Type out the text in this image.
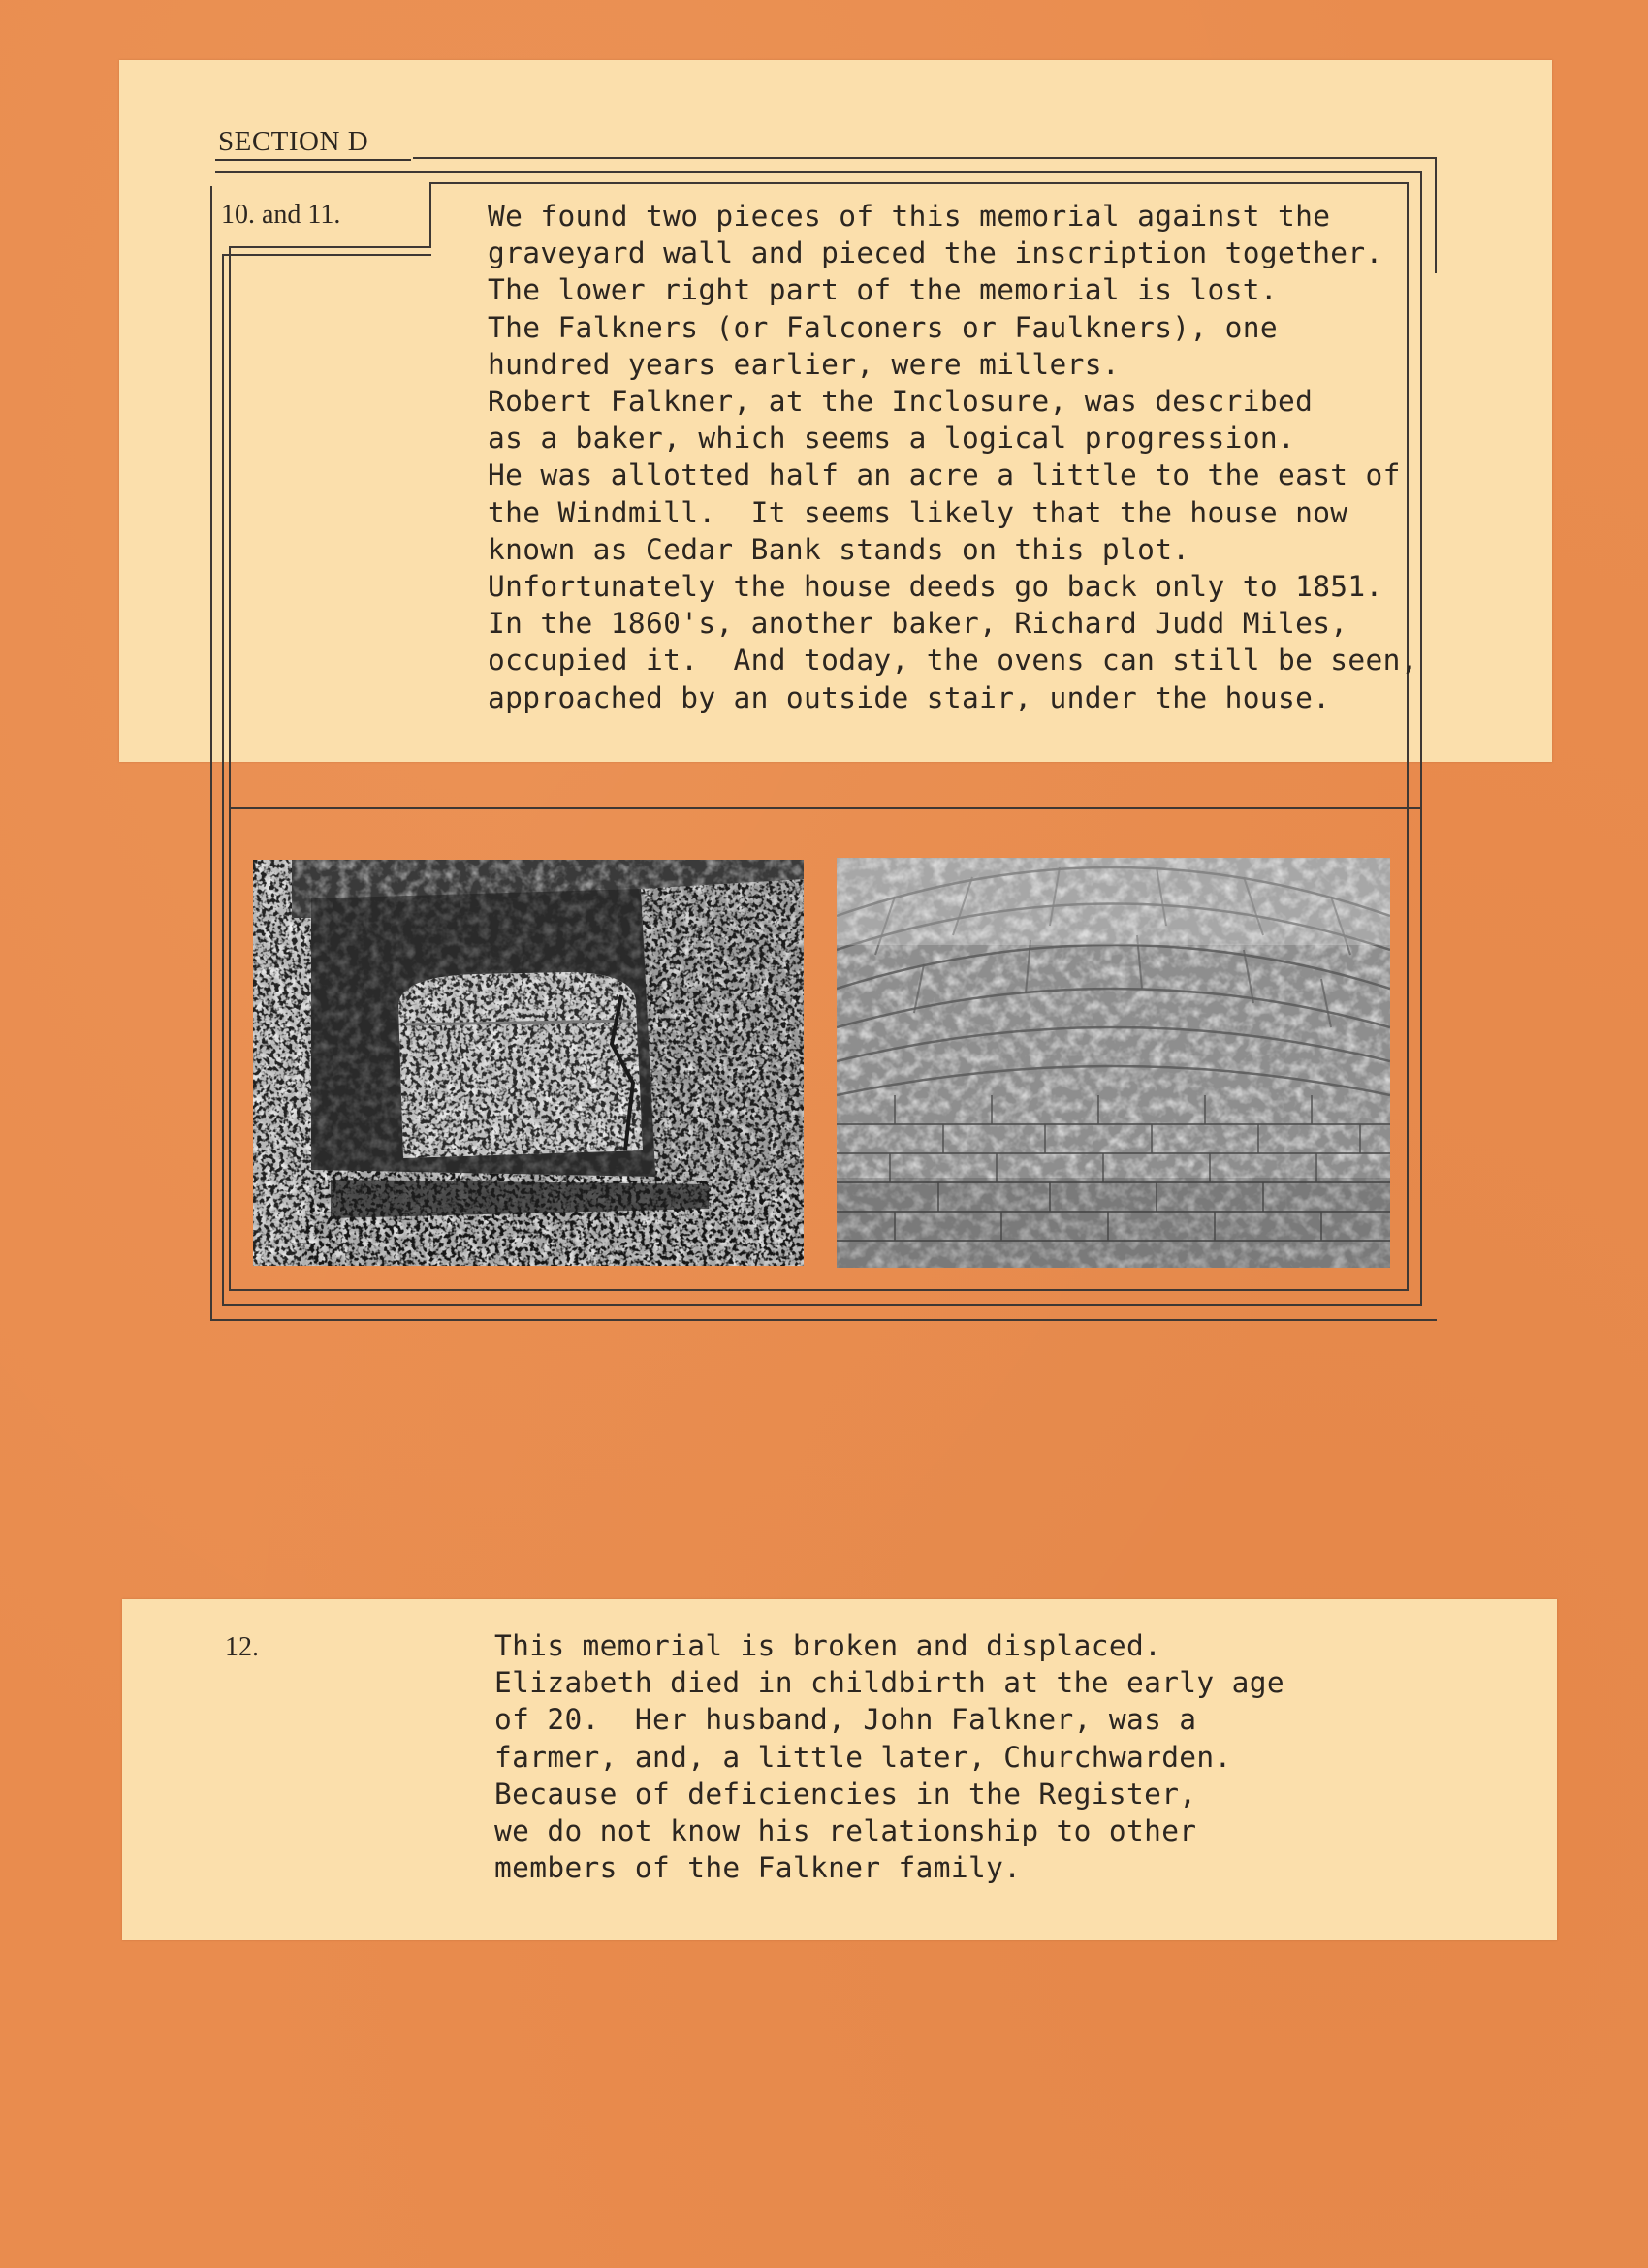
SECTION D
10. and 11.	We found two pieces of this memorial against the
graveyard wall and pieced the inscription together.
The lower right part of the memorial is lost.
The Falkners (or Falconers or Faulkners), one
hundred years earlier, were millers.
Robert Falkner, at the Inclosure, was described
as a baker, which seems a logical progression.
He was allotted half an acre a little to the east of
the Windmill.  It seems likely that the house now
known as Cedar Bank stands on this plot.
Unfortunately the house deeds go back only to 1851.
In the 1860's, another baker, Richard Judd Miles,
occupied it.  And today, the ovens can still be seen,
approached by an outside stair, under the house.
12.	This memorial is broken and displaced.
Elizabeth died in childbirth at the early age
of 20.  Her husband, John Falkner, was a
farmer, and, a little later, Churchwarden.
Because of deficiencies in the Register,
we do not know his relationship to other
members of the Falkner family.
